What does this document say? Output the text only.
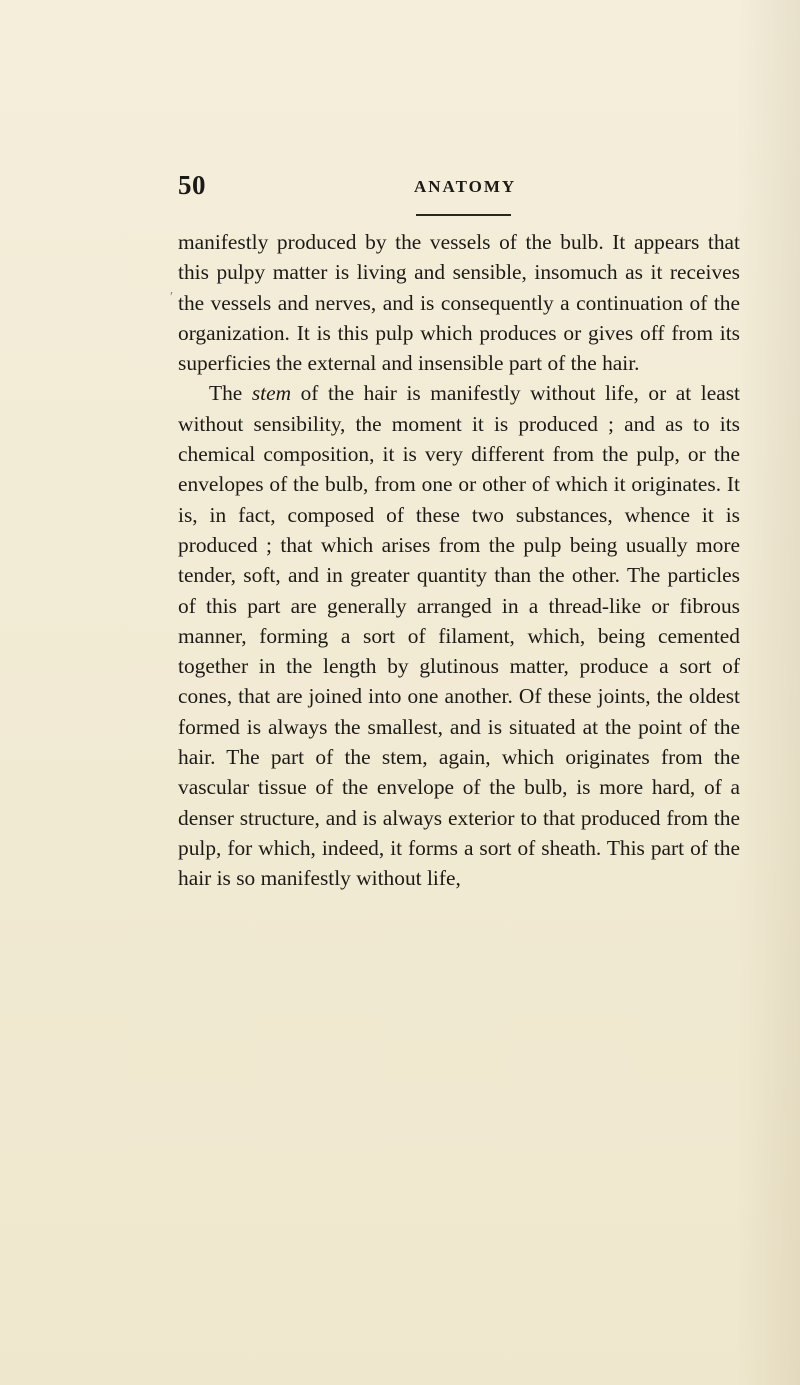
50	ANATOMY
′

manifestly produced by the vessels of the bulb. It appears that this pulpy matter is living and sensible, insomuch as it receives the vessels and nerves, and is consequently a continuation of the organization. It is this pulp which produces or gives off from its superficies the external and insensible part of the hair.

The stem of the hair is manifestly without life, or at least without sensibility, the moment it is produced ; and as to its chemical composition, it is very different from the pulp, or the envelopes of the bulb, from one or other of which it originates. It is, in fact, composed of these two substances, whence it is produced ; that which arises from the pulp being usually more tender, soft, and in greater quantity than the other. The particles of this part are generally arranged in a thread-like or fibrous manner, forming a sort of filament, which, being cemented together in the length by glutinous matter, produce a sort of cones, that are joined into one another. Of these joints, the oldest formed is always the smallest, and is situated at the point of the hair. The part of the stem, again, which originates from the vascular tissue of the envelope of the bulb, is more hard, of a denser structure, and is always exterior to that produced from the pulp, for which, indeed, it forms a sort of sheath. This part of the hair is so manifestly without life,
